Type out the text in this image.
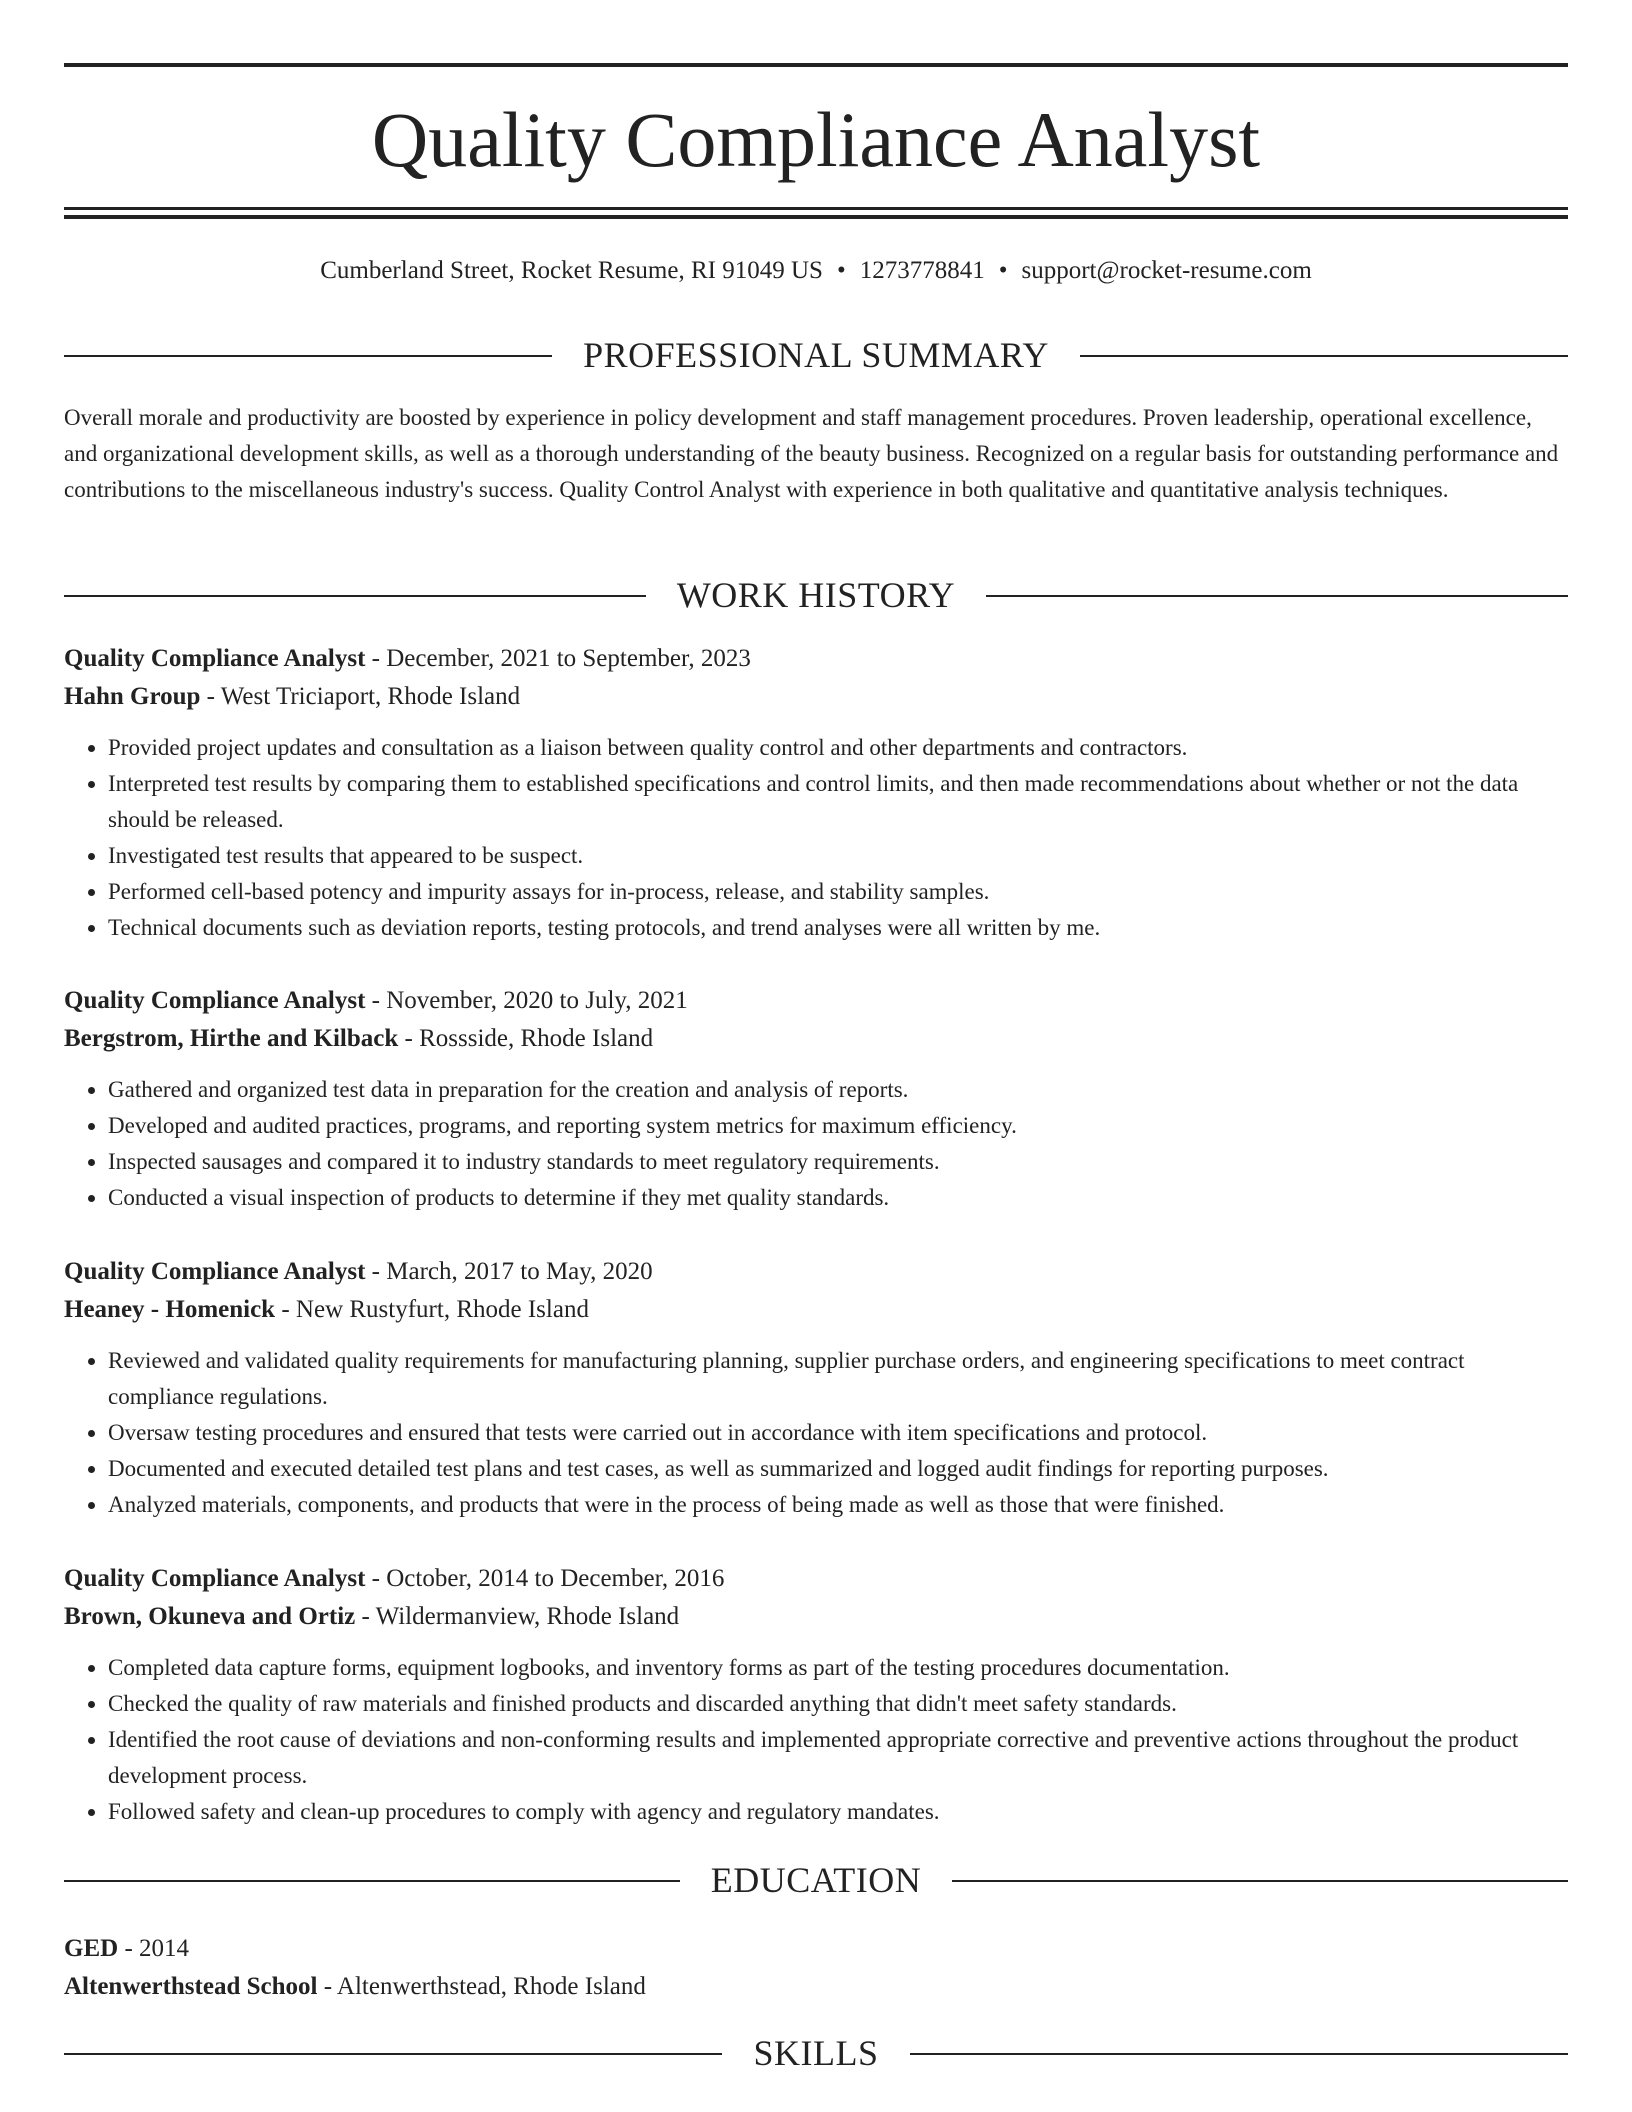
Quality Compliance Analyst
Cumberland Street, Rocket Resume, RI 91049 US • 1273778841 • support@rocket-resume.com
PROFESSIONAL SUMMARY

Overall morale and productivity are boosted by experience in policy development and staff management procedures. Proven leadership, operational excellence, and organizational development skills, as well as a thorough understanding of the beauty business. Recognized on a regular basis for outstanding performance and contributions to the miscellaneous industry's success. Quality Control Analyst with experience in both qualitative and quantitative analysis techniques.

WORK HISTORY
Quality Compliance Analyst - December, 2021 to September, 2023
Hahn Group - West Triciaport, Rhode Island
• Provided project updates and consultation as a liaison between quality control and other departments and contractors.
• Interpreted test results by comparing them to established specifications and control limits, and then made recommendations about whether or not the data should be released.
• Investigated test results that appeared to be suspect.
• Performed cell-based potency and impurity assays for in-process, release, and stability samples.
• Technical documents such as deviation reports, testing protocols, and trend analyses were all written by me.
Quality Compliance Analyst - November, 2020 to July, 2021
Bergstrom, Hirthe and Kilback - Rossside, Rhode Island
• Gathered and organized test data in preparation for the creation and analysis of reports.
• Developed and audited practices, programs, and reporting system metrics for maximum efficiency.
• Inspected sausages and compared it to industry standards to meet regulatory requirements.
• Conducted a visual inspection of products to determine if they met quality standards.
Quality Compliance Analyst - March, 2017 to May, 2020
Heaney - Homenick - New Rustyfurt, Rhode Island
• Reviewed and validated quality requirements for manufacturing planning, supplier purchase orders, and engineering specifications to meet contract compliance regulations.
• Oversaw testing procedures and ensured that tests were carried out in accordance with item specifications and protocol.
• Documented and executed detailed test plans and test cases, as well as summarized and logged audit findings for reporting purposes.
• Analyzed materials, components, and products that were in the process of being made as well as those that were finished.
Quality Compliance Analyst - October, 2014 to December, 2016
Brown, Okuneva and Ortiz - Wildermanview, Rhode Island
• Completed data capture forms, equipment logbooks, and inventory forms as part of the testing procedures documentation.
• Checked the quality of raw materials and finished products and discarded anything that didn't meet safety standards.
• Identified the root cause of deviations and non-conforming results and implemented appropriate corrective and preventive actions throughout the product development process.
• Followed safety and clean-up procedures to comply with agency and regulatory mandates.
EDUCATION
GED - 2014
Altenwerthstead School - Altenwerthstead, Rhode Island
SKILLS
